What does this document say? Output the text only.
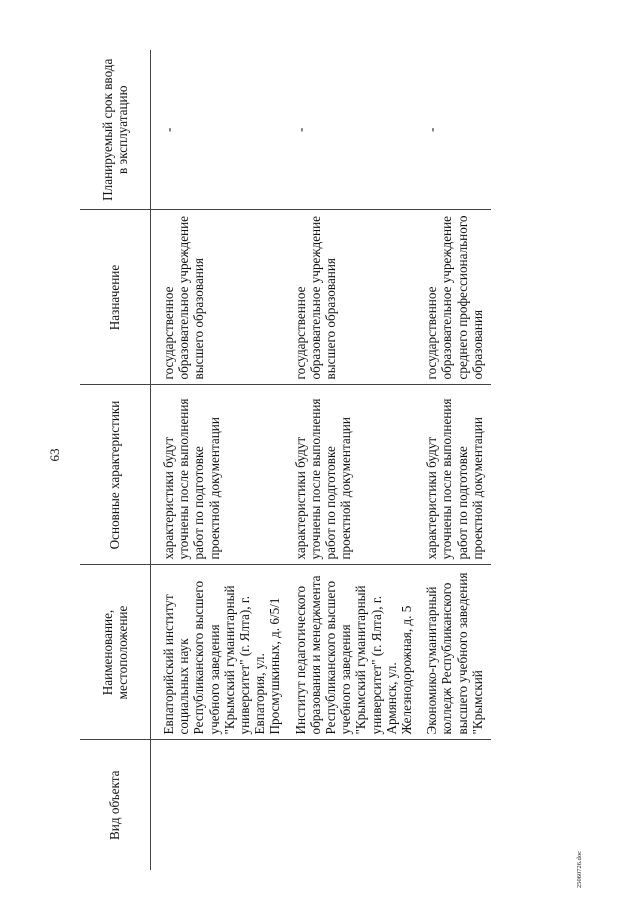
63
25060726.doc
Вид объекта	Наименование, местоположение	Основные характеристики	Назначение	Планируемый срок ввода в эксплуатацию
	Евпаторийский институт социальных наук Республиканского высшего учебного заведения "Крымский гуманитарный университет" (г. Ялта), г. Евпатория, ул. Просмушкиных, д. 6/5/1	характеристики будут уточнены после выполнения работ по подготовке проектной документации	государственное образовательное учреждение высшего образования	-
	Институт педагогического образования и менеджмента Республиканского высшего учебного заведения "Крымский гуманитарный университет" (г. Ялта), г. Армянск, ул. Железнодорожная, д. 5	характеристики будут уточнены после выполнения работ по подготовке проектной документации	государственное образовательное учреждение высшего образования	-
	Экономико-гуманитарный колледж Республиканского высшего учебного заведения "Крымский	характеристики будут уточнены после выполнения работ по подготовке проектной документации	государственное образовательное учреждение среднего профессионального образования	-
